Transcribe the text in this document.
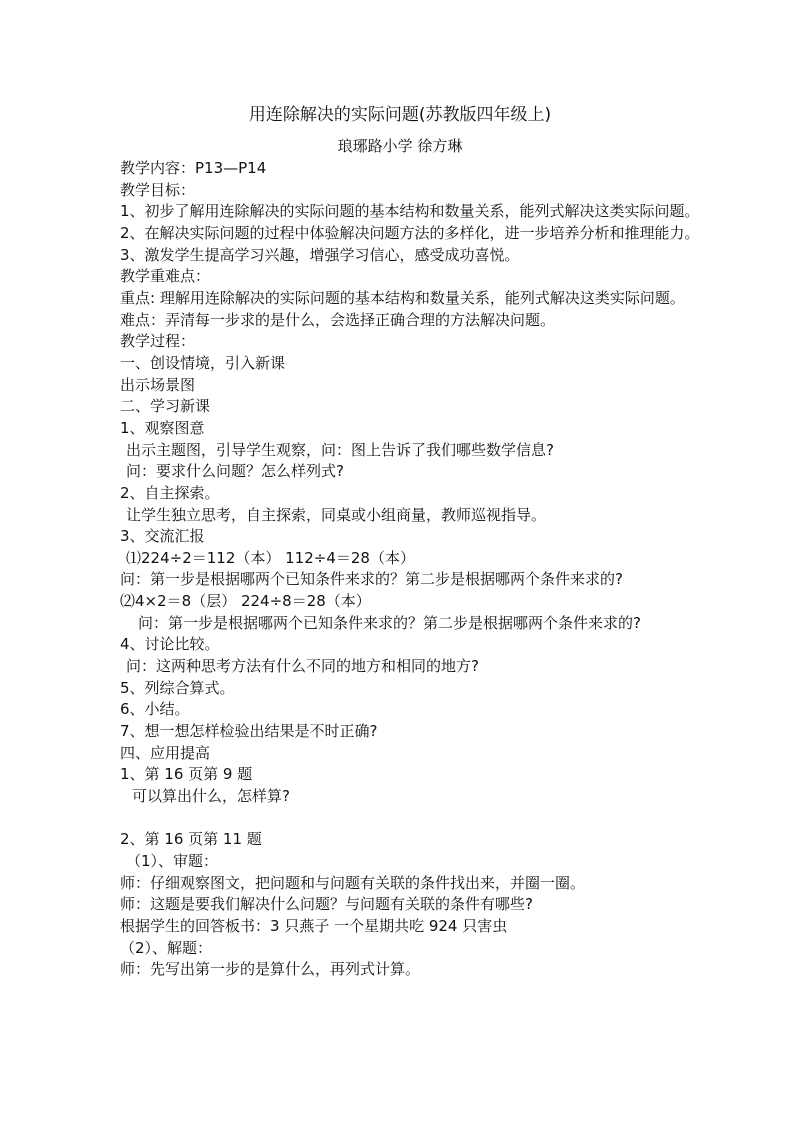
用连除解决的实际问题(苏教版四年级上)
琅琊路小学 徐方琳

教学内容：P13—P14

教学目标：

1、初步了解用连除解决的实际问题的基本结构和数量关系，能列式解决这类实际问题。

2、在解决实际问题的过程中体验解决问题方法的多样化，进一步培养分析和推理能力。

3、激发学生提高学习兴趣，增强学习信心，感受成功喜悦。

教学重难点：

重点: 理解用连除解决的实际问题的基本结构和数量关系，能列式解决这类实际问题。

难点：弄清每一步求的是什么，会选择正确合理的方法解决问题。

教学过程：

一、创设情境，引入新课

出示场景图

二、学习新课

1、观察图意

出示主题图，引导学生观察，问：图上告诉了我们哪些数学信息?

问：要求什么问题？怎么样列式?

2、自主探索。

让学生独立思考，自主探索，同桌或小组商量，教师巡视指导。

3、交流汇报

⑴224÷2＝112（本） 112÷4＝28（本）

问：第一步是根据哪两个已知条件来求的？第二步是根据哪两个条件来求的?

⑵4×2＝8（层） 224÷8＝28（本）

问：第一步是根据哪两个已知条件来求的？第二步是根据哪两个条件来求的?

4、讨论比较。

问：这两种思考方法有什么不同的地方和相同的地方?

5、列综合算式。

6、小结。

7、想一想怎样检验出结果是不时正确?

四、应用提高

1、第 16 页第 9 题

可以算出什么，怎样算?

2、第 16 页第 11 题

（1）、审题：

师：仔细观察图文，把问题和与问题有关联的条件找出来，并圈一圈。

师：这题是要我们解决什么问题？与问题有关联的条件有哪些?

根据学生的回答板书：3 只燕子 一个星期共吃 924 只害虫

（2）、解题：

师：先写出第一步的是算什么，再列式计算。
